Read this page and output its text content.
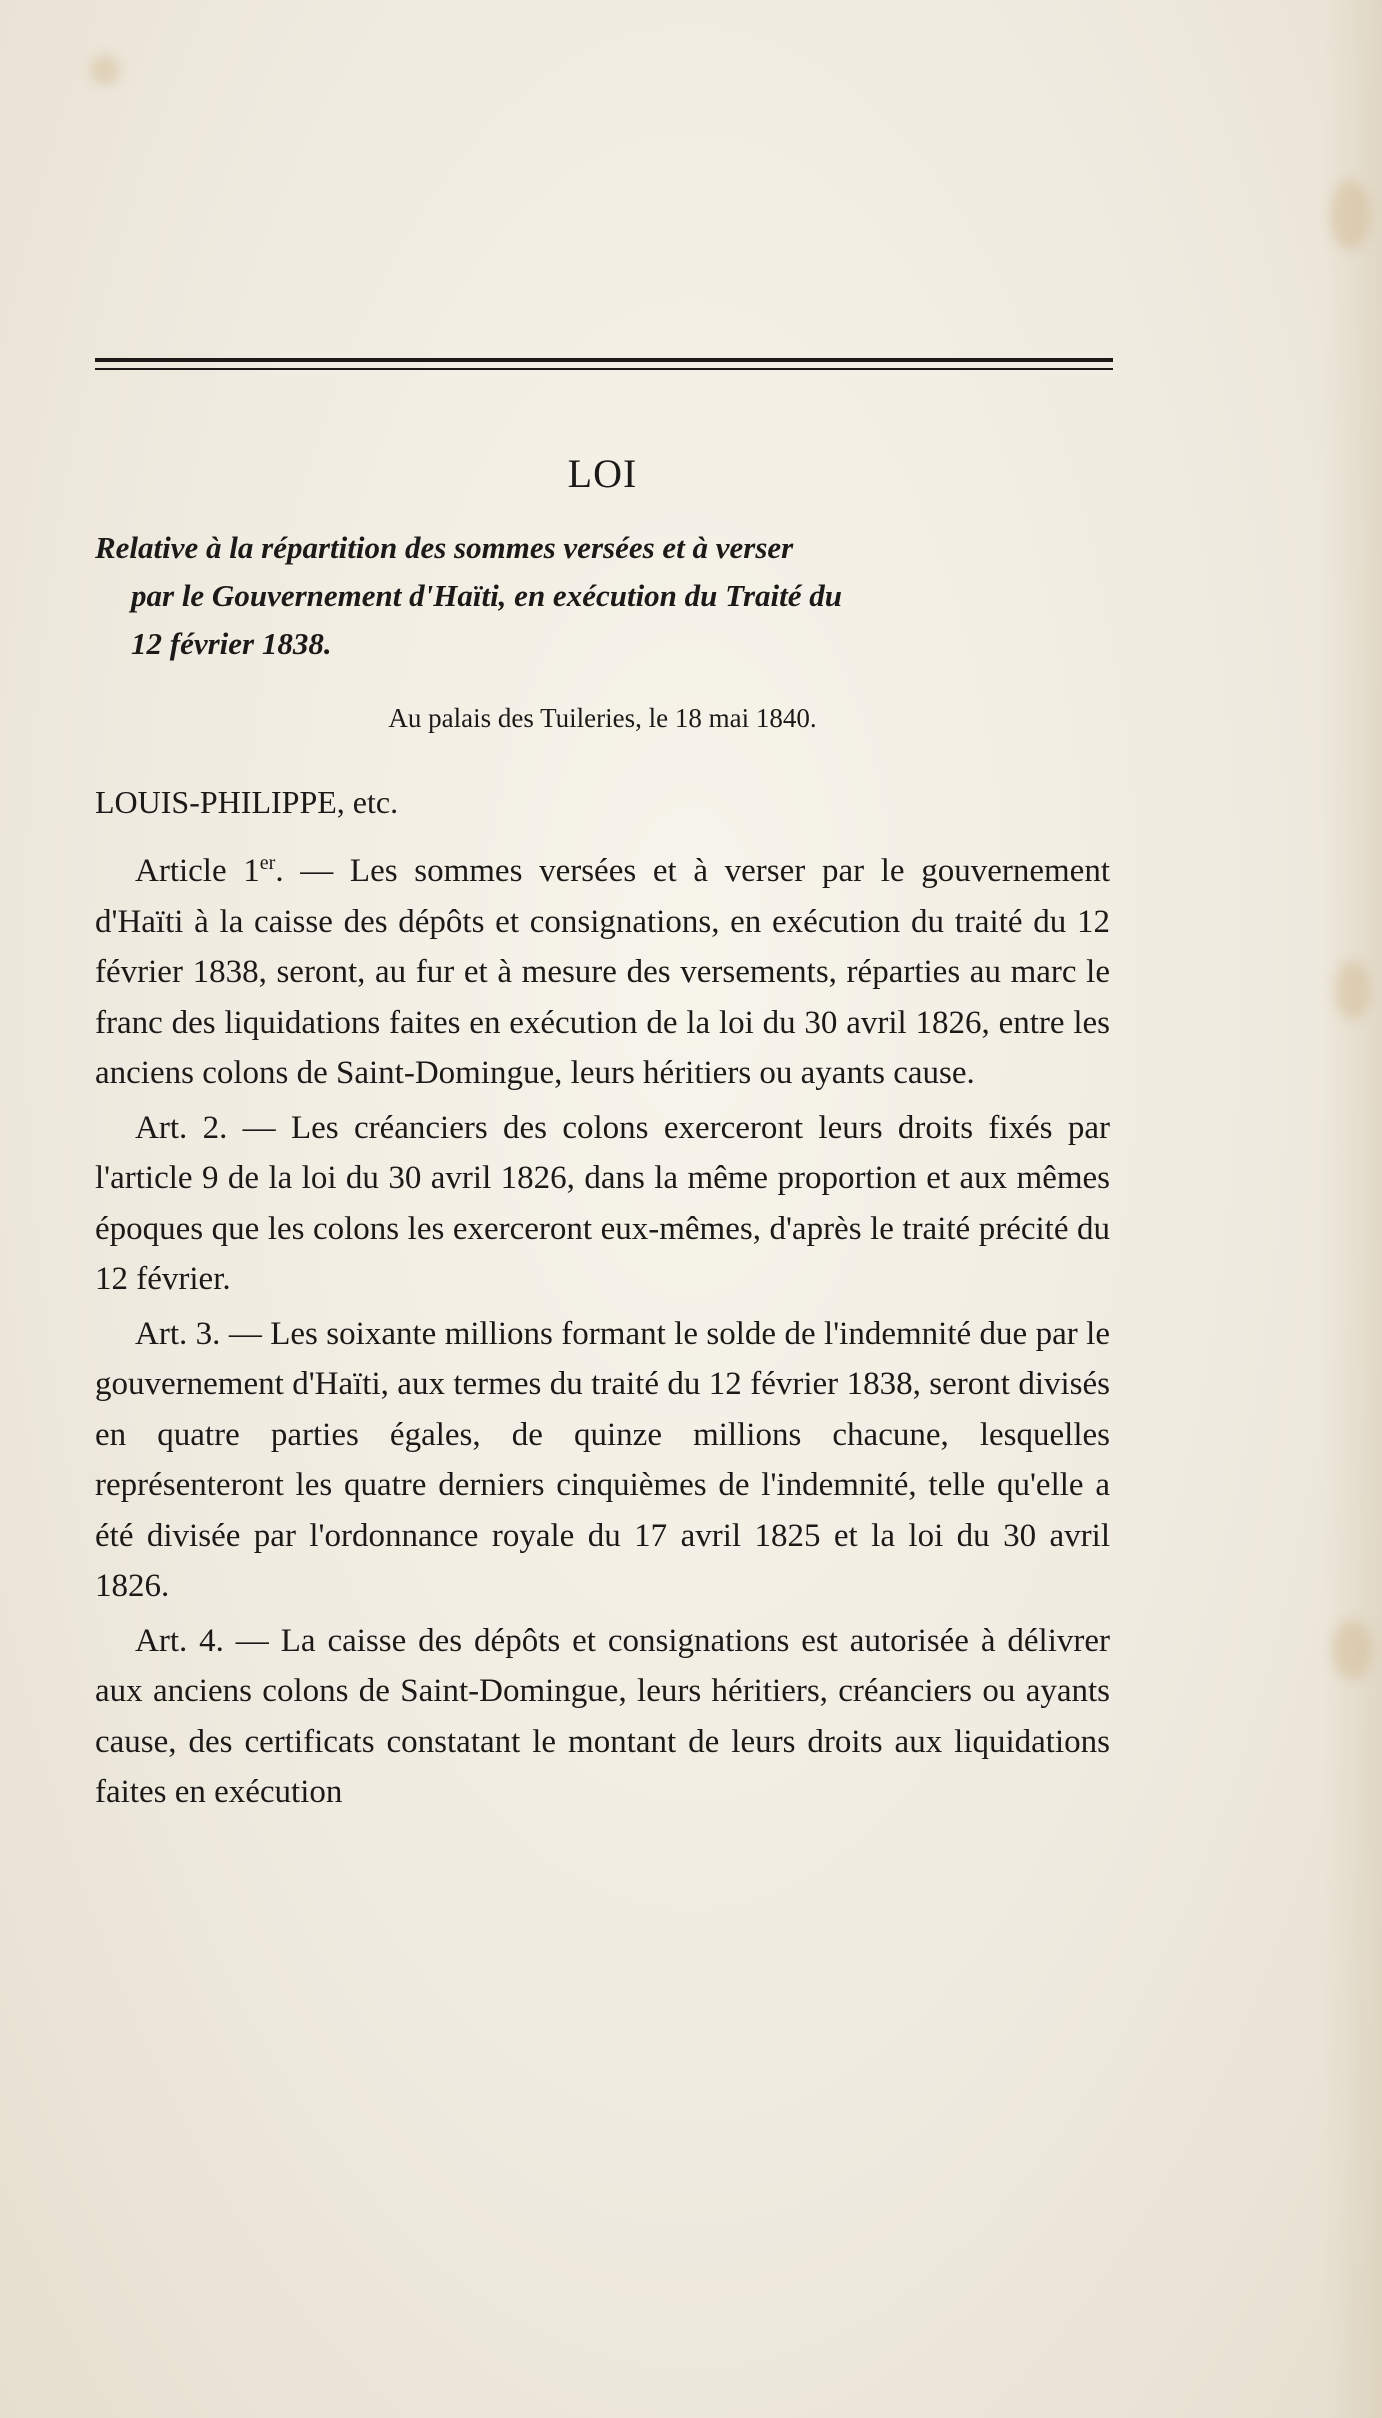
LOI
Relative à la répartition des sommes versées et à verser
par le Gouvernement d'Haïti, en exécution du Traité du
12 février 1838.
Au palais des Tuileries, le 18 mai 1840.
LOUIS-PHILIPPE, etc.

Article 1er. — Les sommes versées et à verser par le gouvernement d'Haïti à la caisse des dépôts et consignations, en exécution du traité du 12 février 1838, seront, au fur et à mesure des versements, réparties au marc le franc des liquidations faites en exécution de la loi du 30 avril 1826, entre les anciens colons de Saint-Domingue, leurs héritiers ou ayants cause.

Art. 2. — Les créanciers des colons exerceront leurs droits fixés par l'article 9 de la loi du 30 avril 1826, dans la même proportion et aux mêmes époques que les colons les exerceront eux-mêmes, d'après le traité précité du 12 février.

Art. 3. — Les soixante millions formant le solde de l'indemnité due par le gouvernement d'Haïti, aux termes du traité du 12 février 1838, seront divisés en quatre parties égales, de quinze millions chacune, lesquelles représenteront les quatre derniers cinquièmes de l'indemnité, telle qu'elle a été divisée par l'ordonnance royale du 17 avril 1825 et la loi du 30 avril 1826.

Art. 4. — La caisse des dépôts et consignations est autorisée à délivrer aux anciens colons de Saint-Domingue, leurs héritiers, créanciers ou ayants cause, des certificats constatant le montant de leurs droits aux liquidations faites en exécution
